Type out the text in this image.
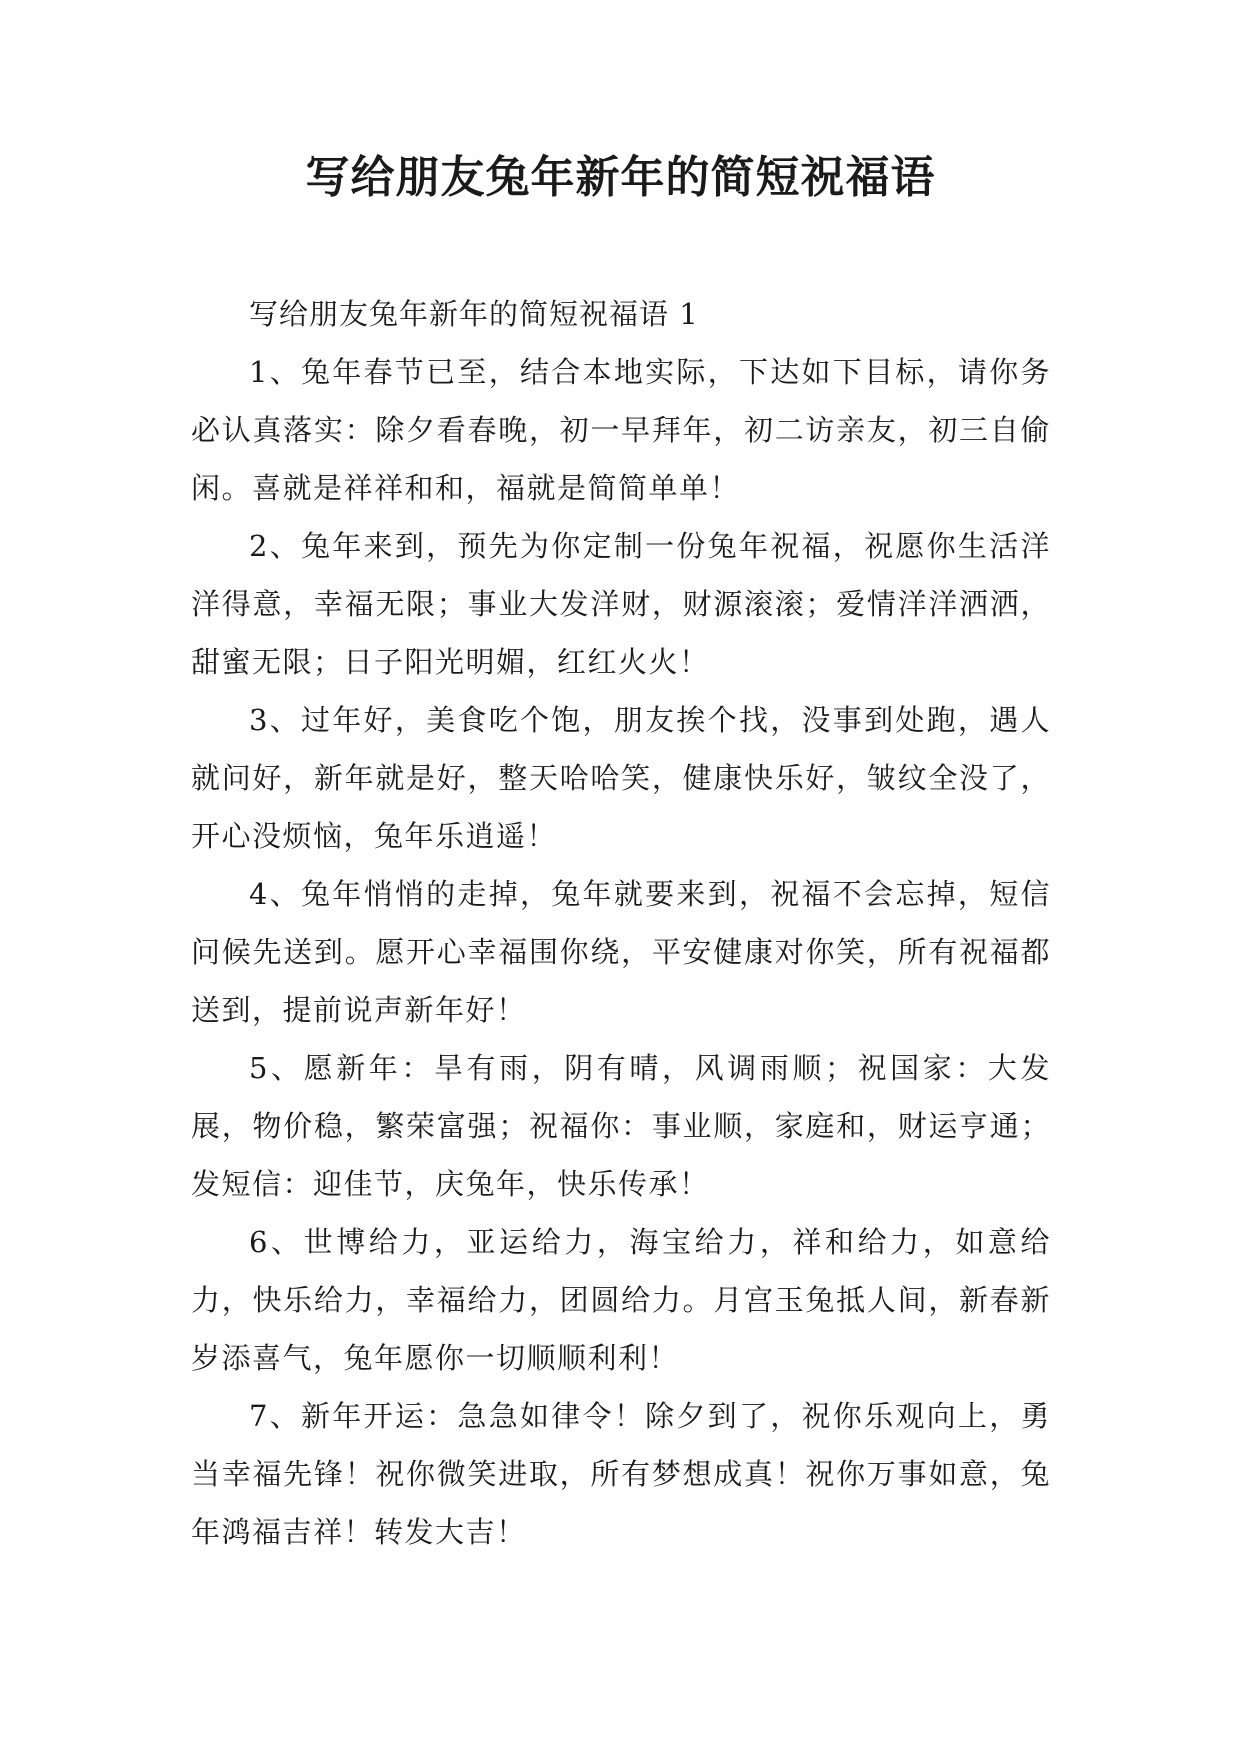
写给朋友兔年新年的简短祝福语

写给朋友兔年新年的简短祝福语 1

1、兔年春节已至，结合本地实际，下达如下目标，请你务必认真落实：除夕看春晚，初一早拜年，初二访亲友，初三自偷闲。喜就是祥祥和和，福就是简简单单！

2、兔年来到，预先为你定制一份兔年祝福，祝愿你生活洋洋得意，幸福无限；事业大发洋财，财源滚滚；爱情洋洋洒洒，甜蜜无限；日子阳光明媚，红红火火！

3、过年好，美食吃个饱，朋友挨个找，没事到处跑，遇人就问好，新年就是好，整天哈哈笑，健康快乐好，皱纹全没了，开心没烦恼，兔年乐逍遥！

4、兔年悄悄的走掉，兔年就要来到，祝福不会忘掉，短信问候先送到。愿开心幸福围你绕，平安健康对你笑，所有祝福都送到，提前说声新年好！

5、愿新年：旱有雨，阴有晴，风调雨顺；祝国家：大发展，物价稳，繁荣富强；祝福你：事业顺，家庭和，财运亨通；发短信：迎佳节，庆兔年，快乐传承！

6、世博给力，亚运给力，海宝给力，祥和给力，如意给力，快乐给力，幸福给力，团圆给力。月宫玉兔抵人间，新春新岁添喜气，兔年愿你一切顺顺利利！

7、新年开运：急急如律令！除夕到了，祝你乐观向上，勇当幸福先锋！祝你微笑进取，所有梦想成真！祝你万事如意，兔年鸿福吉祥！转发大吉！
